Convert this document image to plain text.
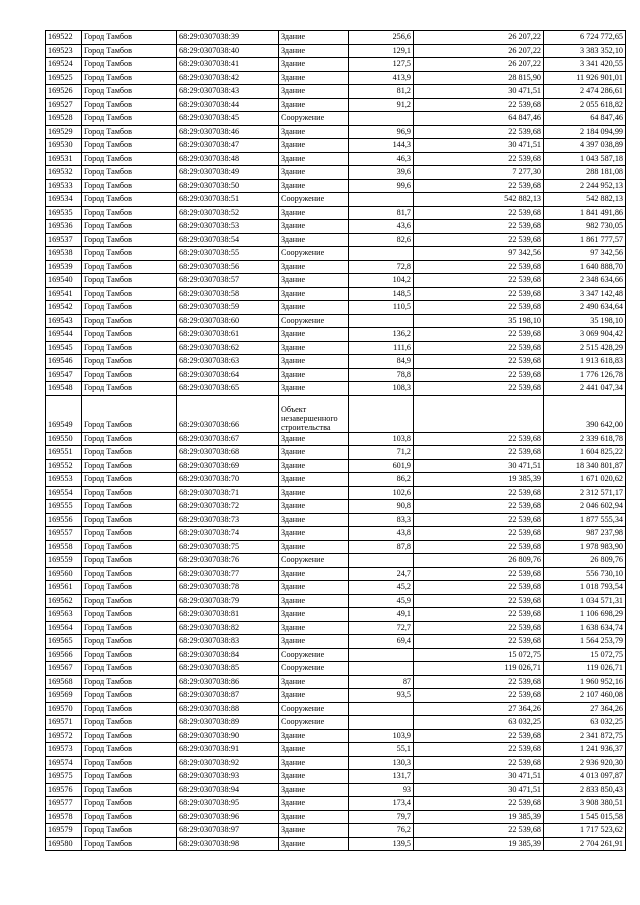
169522	Город Тамбов	68:29:0307038:39	Здание	256,6	26 207,22	6 724 772,65
169523	Город Тамбов	68:29:0307038:40	Здание	129,1	26 207,22	3 383 352,10
169524	Город Тамбов	68:29:0307038:41	Здание	127,5	26 207,22	3 341 420,55
169525	Город Тамбов	68:29:0307038:42	Здание	413,9	28 815,90	11 926 901,01
169526	Город Тамбов	68:29:0307038:43	Здание	81,2	30 471,51	2 474 286,61
169527	Город Тамбов	68:29:0307038:44	Здание	91,2	22 539,68	2 055 618,82
169528	Город Тамбов	68:29:0307038:45	Сооружение		64 847,46	64 847,46
169529	Город Тамбов	68:29:0307038:46	Здание	96,9	22 539,68	2 184 094,99
169530	Город Тамбов	68:29:0307038:47	Здание	144,3	30 471,51	4 397 038,89
169531	Город Тамбов	68:29:0307038:48	Здание	46,3	22 539,68	1 043 587,18
169532	Город Тамбов	68:29:0307038:49	Здание	39,6	7 277,30	288 181,08
169533	Город Тамбов	68:29:0307038:50	Здание	99,6	22 539,68	2 244 952,13
169534	Город Тамбов	68:29:0307038:51	Сооружение		542 882,13	542 882,13
169535	Город Тамбов	68:29:0307038:52	Здание	81,7	22 539,68	1 841 491,86
169536	Город Тамбов	68:29:0307038:53	Здание	43,6	22 539,68	982 730,05
169537	Город Тамбов	68:29:0307038:54	Здание	82,6	22 539,68	1 861 777,57
169538	Город Тамбов	68:29:0307038:55	Сооружение		97 342,56	97 342,56
169539	Город Тамбов	68:29:0307038:56	Здание	72,8	22 539,68	1 640 888,70
169540	Город Тамбов	68:29:0307038:57	Здание	104,2	22 539,68	2 348 634,66
169541	Город Тамбов	68:29:0307038:58	Здание	148,5	22 539,68	3 347 142,48
169542	Город Тамбов	68:29:0307038:59	Здание	110,5	22 539,68	2 490 634,64
169543	Город Тамбов	68:29:0307038:60	Сооружение		35 198,10	35 198,10
169544	Город Тамбов	68:29:0307038:61	Здание	136,2	22 539,68	3 069 904,42
169545	Город Тамбов	68:29:0307038:62	Здание	111,6	22 539,68	2 515 428,29
169546	Город Тамбов	68:29:0307038:63	Здание	84,9	22 539,68	1 913 618,83
169547	Город Тамбов	68:29:0307038:64	Здание	78,8	22 539,68	1 776 126,78
169548	Город Тамбов	68:29:0307038:65	Здание	108,3	22 539,68	2 441 047,34
169549	Город Тамбов	68:29:0307038:66	Объект незавершенного строительства			390 642,00
169550	Город Тамбов	68:29:0307038:67	Здание	103,8	22 539,68	2 339 618,78
169551	Город Тамбов	68:29:0307038:68	Здание	71,2	22 539,68	1 604 825,22
169552	Город Тамбов	68:29:0307038:69	Здание	601,9	30 471,51	18 340 801,87
169553	Город Тамбов	68:29:0307038:70	Здание	86,2	19 385,39	1 671 020,62
169554	Город Тамбов	68:29:0307038:71	Здание	102,6	22 539,68	2 312 571,17
169555	Город Тамбов	68:29:0307038:72	Здание	90,8	22 539,68	2 046 602,94
169556	Город Тамбов	68:29:0307038:73	Здание	83,3	22 539,68	1 877 555,34
169557	Город Тамбов	68:29:0307038:74	Здание	43,8	22 539,68	987 237,98
169558	Город Тамбов	68:29:0307038:75	Здание	87,8	22 539,68	1 978 983,90
169559	Город Тамбов	68:29:0307038:76	Сооружение		26 809,76	26 809,76
169560	Город Тамбов	68:29:0307038:77	Здание	24,7	22 539,68	556 730,10
169561	Город Тамбов	68:29:0307038:78	Здание	45,2	22 539,68	1 018 793,54
169562	Город Тамбов	68:29:0307038:79	Здание	45,9	22 539,68	1 034 571,31
169563	Город Тамбов	68:29:0307038:81	Здание	49,1	22 539,68	1 106 698,29
169564	Город Тамбов	68:29:0307038:82	Здание	72,7	22 539,68	1 638 634,74
169565	Город Тамбов	68:29:0307038:83	Здание	69,4	22 539,68	1 564 253,79
169566	Город Тамбов	68:29:0307038:84	Сооружение		15 072,75	15 072,75
169567	Город Тамбов	68:29:0307038:85	Сооружение		119 026,71	119 026,71
169568	Город Тамбов	68:29:0307038:86	Здание	87	22 539,68	1 960 952,16
169569	Город Тамбов	68:29:0307038:87	Здание	93,5	22 539,68	2 107 460,08
169570	Город Тамбов	68:29:0307038:88	Сооружение		27 364,26	27 364,26
169571	Город Тамбов	68:29:0307038:89	Сооружение		63 032,25	63 032,25
169572	Город Тамбов	68:29:0307038:90	Здание	103,9	22 539,68	2 341 872,75
169573	Город Тамбов	68:29:0307038:91	Здание	55,1	22 539,68	1 241 936,37
169574	Город Тамбов	68:29:0307038:92	Здание	130,3	22 539,68	2 936 920,30
169575	Город Тамбов	68:29:0307038:93	Здание	131,7	30 471,51	4 013 097,87
169576	Город Тамбов	68:29:0307038:94	Здание	93	30 471,51	2 833 850,43
169577	Город Тамбов	68:29:0307038:95	Здание	173,4	22 539,68	3 908 380,51
169578	Город Тамбов	68:29:0307038:96	Здание	79,7	19 385,39	1 545 015,58
169579	Город Тамбов	68:29:0307038:97	Здание	76,2	22 539,68	1 717 523,62
169580	Город Тамбов	68:29:0307038:98	Здание	139,5	19 385,39	2 704 261,91
